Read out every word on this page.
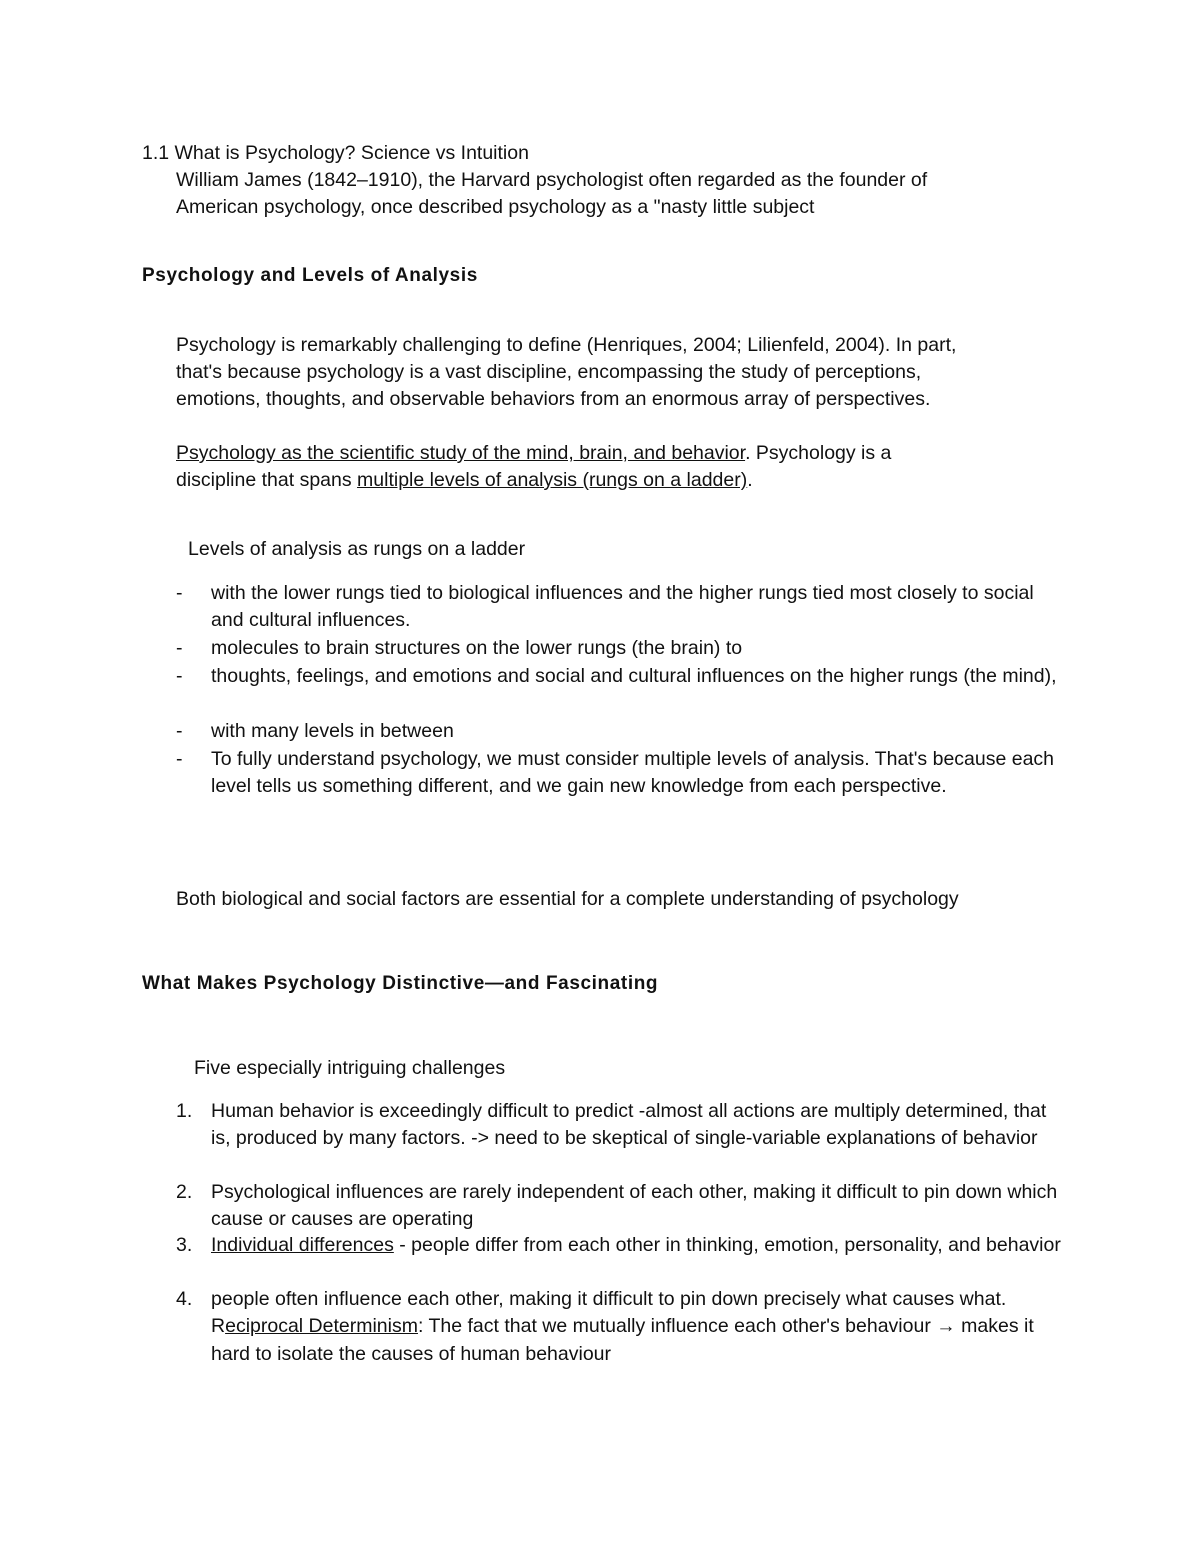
1.1 What is Psychology? Science vs Intuition
William James (1842–1910), the Harvard psychologist often regarded as the founder of
American psychology, once described psychology as a "nasty little subject
Psychology and Levels of Analysis
Psychology is remarkably challenging to define (Henriques, 2004; Lilienfeld, 2004). In part,
that's because psychology is a vast discipline, encompassing the study of perceptions,
emotions, thoughts, and observable behaviors from an enormous array of perspectives.
Psychology as the scientific study of the mind, brain, and behavior. Psychology is a
discipline that spans multiple levels of analysis (rungs on a ladder).
Levels of analysis as rungs on a ladder
- with the lower rungs tied to biological influences and the higher rungs tied most closely to social and cultural influences.
- molecules to brain structures on the lower rungs (the brain) to
- thoughts, feelings, and emotions and social and cultural influences on the higher rungs (the mind),
- with many levels in between
- To fully understand psychology, we must consider multiple levels of analysis. That's because each level tells us something different, and we gain new knowledge from each perspective.
Both biological and social factors are essential for a complete understanding of psychology
What Makes Psychology Distinctive—and Fascinating
Five especially intriguing challenges
1. Human behavior is exceedingly difficult to predict -almost all actions are multiply determined, that is, produced by many factors. -> need to be skeptical of single-variable explanations of behavior
2. Psychological influences are rarely independent of each other, making it difficult to pin down which cause or causes are operating
3. Individual differences - people differ from each other in thinking, emotion, personality, and behavior
4. people often influence each other, making it difficult to pin down precisely what causes what. Reciprocal Determinism: The fact that we mutually influence each other's behaviour → makes it hard to isolate the causes of human behaviour
